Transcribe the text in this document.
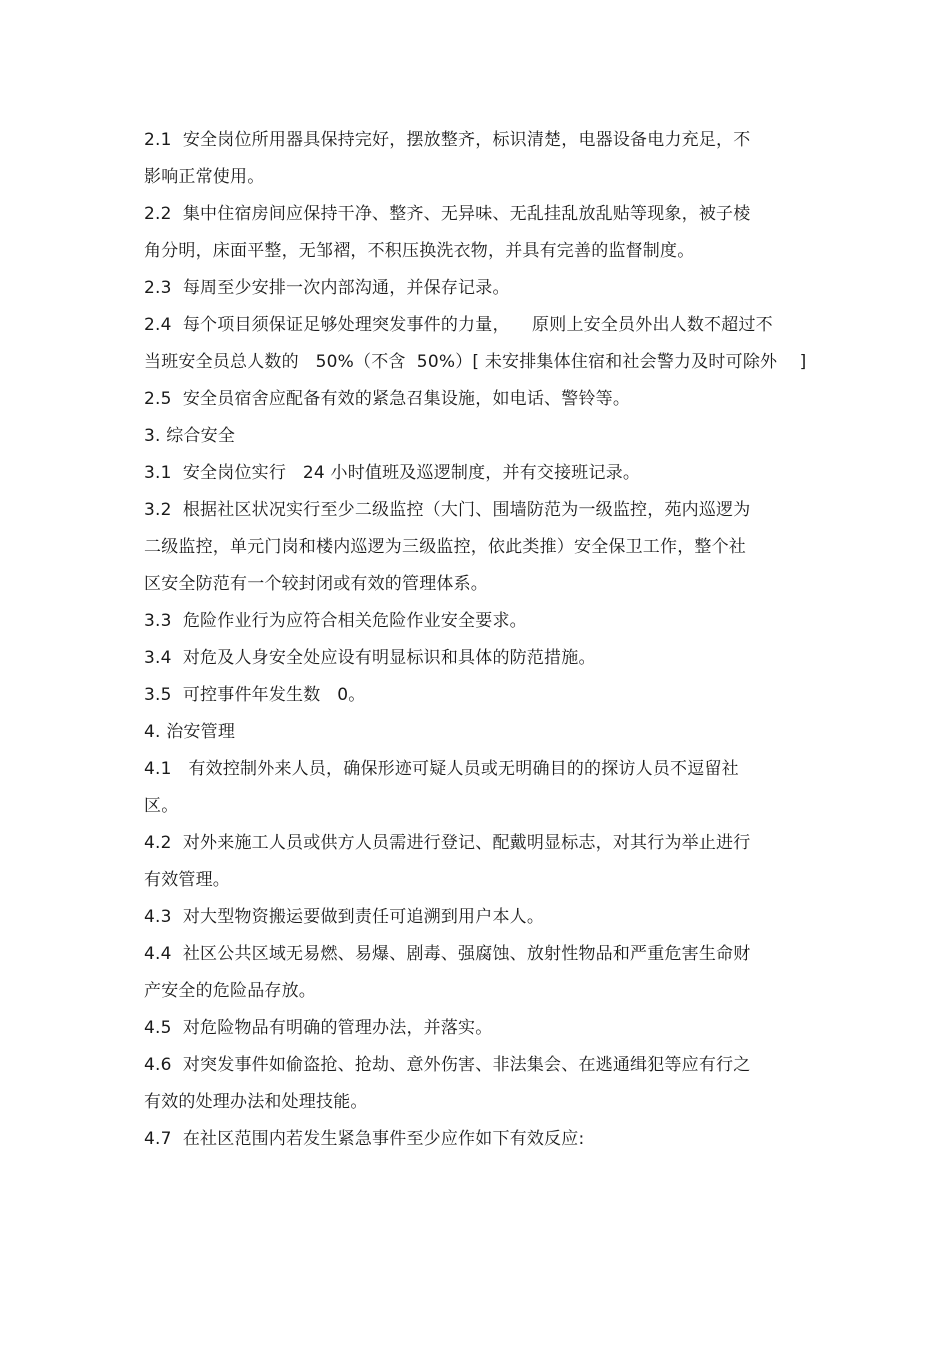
2.1  安全岗位所用器具保持完好，摆放整齐，标识清楚，电器设备电力充足，不
影响正常使用。
2.2  集中住宿房间应保持干净、整齐、无异味、无乱挂乱放乱贴等现象，被子棱
角分明，床面平整，无邹褶，不积压换洗衣物，并具有完善的监督制度。
2.3  每周至少安排一次内部沟通，并保存记录。
2.4  每个项目须保证足够处理突发事件的力量，    原则上安全员外出人数不超过不
当班安全员总人数的   50%（不含  50%）[ 未安排集体住宿和社会警力及时可除外    ]
2.5  安全员宿舍应配备有效的紧急召集设施，如电话、警铃等。
3. 综合安全
3.1  安全岗位实行   24 小时值班及巡逻制度，并有交接班记录。
3.2  根据社区状况实行至少二级监控（大门、围墙防范为一级监控，苑内巡逻为
二级监控，单元门岗和楼内巡逻为三级监控，依此类推）安全保卫工作，整个社
区安全防范有一个较封闭或有效的管理体系。
3.3  危险作业行为应符合相关危险作业安全要求。
3.4  对危及人身安全处应设有明显标识和具体的防范措施。
3.5  可控事件年发生数   0。
4. 治安管理
4.1   有效控制外来人员，确保形迹可疑人员或无明确目的的探访人员不逗留社
区。
4.2  对外来施工人员或供方人员需进行登记、配戴明显标志，对其行为举止进行
有效管理。
4.3  对大型物资搬运要做到责任可追溯到用户本人。
4.4  社区公共区域无易燃、易爆、剧毒、强腐蚀、放射性物品和严重危害生命财
产安全的危险品存放。
4.5  对危险物品有明确的管理办法，并落实。
4.6  对突发事件如偷盗抢、抢劫、意外伤害、非法集会、在逃通缉犯等应有行之
有效的处理办法和处理技能。
4.7  在社区范围内若发生紧急事件至少应作如下有效反应:
